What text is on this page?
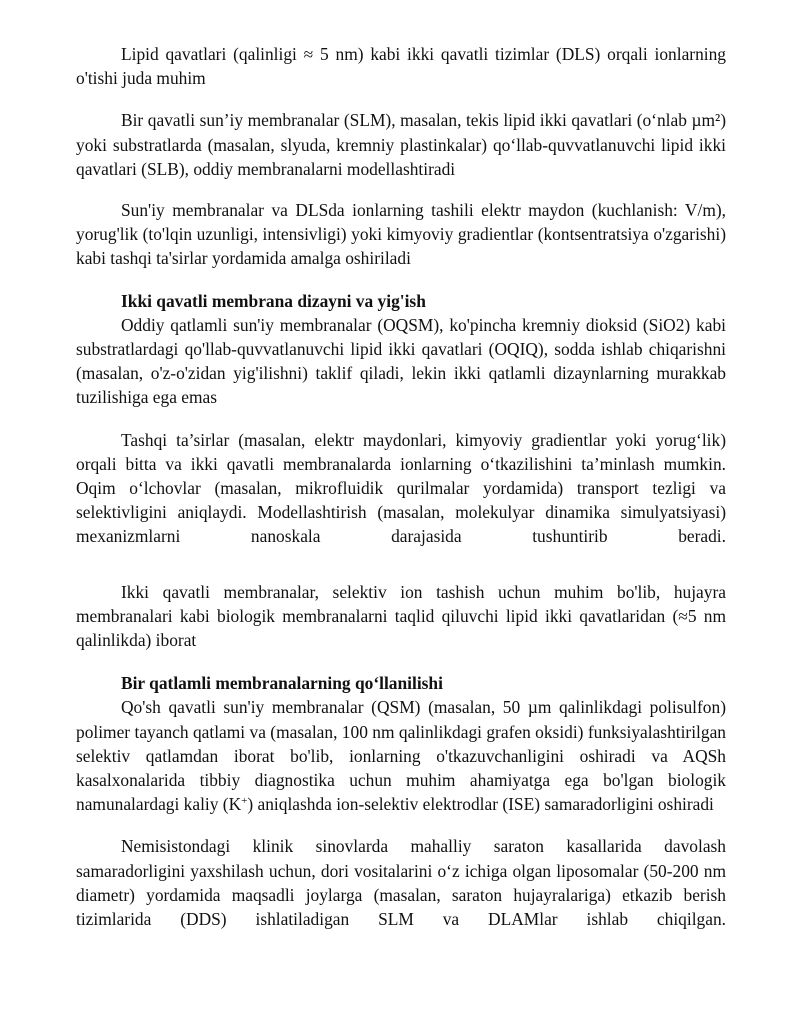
Lipid qavatlari (qalinligi ≈ 5 nm) kabi ikki qavatli tizimlar (DLS) orqali ionlarning o'tishi juda muhim

Bir qavatli sun’iy membranalar (SLM), masalan, tekis lipid ikki qavatlari (oʻnlab µm²) yoki substratlarda (masalan, slyuda, kremniy plastinkalar) qoʻllab-quvvatlanuvchi lipid ikki qavatlari (SLB), oddiy membranalarni modellashtiradi

Sun'iy membranalar va DLSda ionlarning tashili elektr maydon (kuchlanish: V/m), yorug'lik (to'lqin uzunligi, intensivligi) yoki kimyoviy gradientlar (kontsentratsiya o'zgarishi) kabi tashqi ta'sirlar yordamida amalga oshiriladi

Ikki qavatli membrana dizayni va yig'ish

Oddiy qatlamli sun'iy membranalar (OQSM), ko'pincha kremniy dioksid (SiO2) kabi substratlardagi qo'llab-quvvatlanuvchi lipid ikki qavatlari (OQIQ), sodda ishlab chiqarishni (masalan, o'z-o'zidan yig'ilishni) taklif qiladi, lekin ikki qatlamli dizaynlarning murakkab tuzilishiga ega emas

Tashqi ta’sirlar (masalan, elektr maydonlari, kimyoviy gradientlar yoki yorugʻlik) orqali bitta va ikki qavatli membranalarda ionlarning oʻtkazilishini ta’minlash mumkin. Oqim oʻlchovlar (masalan, mikrofluidik qurilmalar yordamida) transport tezligi va selektivligini aniqlaydi. Modellashtirish (masalan, molekulyar dinamika simulyatsiyasi) mexanizmlarni nanoskala darajasida tushuntirib beradi.

Ikki qavatli membranalar, selektiv ion tashish uchun muhim bo'lib, hujayra membranalari kabi biologik membranalarni taqlid qiluvchi lipid ikki qavatlaridan (≈5 nm qalinlikda) iborat

Bir qatlamli membranalarning qoʻllanilishi

Qo'sh qavatli sun'iy membranalar (QSM) (masalan, 50 µm qalinlikdagi polisulfon) polimer tayanch qatlami va (masalan, 100 nm qalinlikdagi grafen oksidi) funksiyalashtirilgan selektiv qatlamdan iborat bo'lib, ionlarning o'tkazuvchanligini oshiradi va AQSh kasalxonalarida tibbiy diagnostika uchun muhim ahamiyatga ega bo'lgan biologik namunalardagi kaliy (K+) aniqlashda ion-selektiv elektrodlar (ISE) samaradorligini oshiradi

Nemisistondagi klinik sinovlarda mahalliy saraton kasallarida davolash samaradorligini yaxshilash uchun, dori vositalarini oʻz ichiga olgan liposomalar (50-200 nm diametr) yordamida maqsadli joylarga (masalan, saraton hujayralariga) etkazib berish tizimlarida (DDS) ishlatiladigan SLM va DLAMlar ishlab chiqilgan.
